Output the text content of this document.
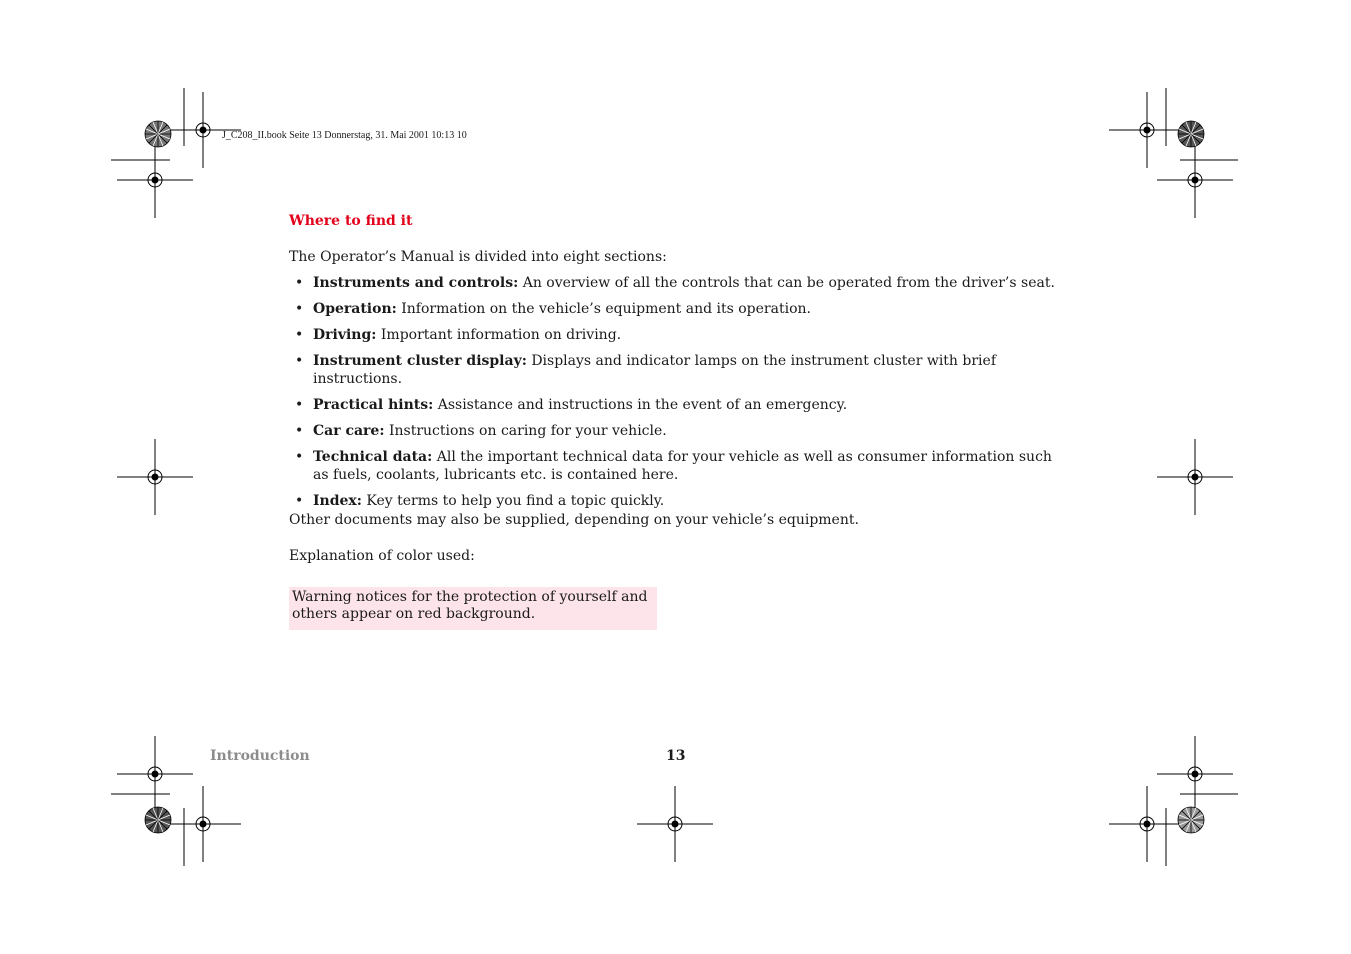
J_C208_II.book Seite 13 Donnerstag, 31. Mai 2001 10:13 10
Where to find it
The Operator’s Manual is divided into eight sections:
• Instruments and controls: An overview of all the controls that can be operated from the driver’s seat.
• Operation: Information on the vehicle’s equipment and its operation.
• Driving: Important information on driving.
• Instrument cluster display: Displays and indicator lamps on the instrument cluster with brief instructions.
• Practical hints: Assistance and instructions in the event of an emergency.
• Car care: Instructions on caring for your vehicle.
• Technical data: All the important technical data for your vehicle as well as consumer information such as fuels, coolants, lubricants etc. is contained here.
• Index: Key terms to help you find a topic quickly.
Other documents may also be supplied, depending on your vehicle’s equipment.
Explanation of color used:
Warning notices for the protection of yourself and others appear on red background.
Introduction	13
